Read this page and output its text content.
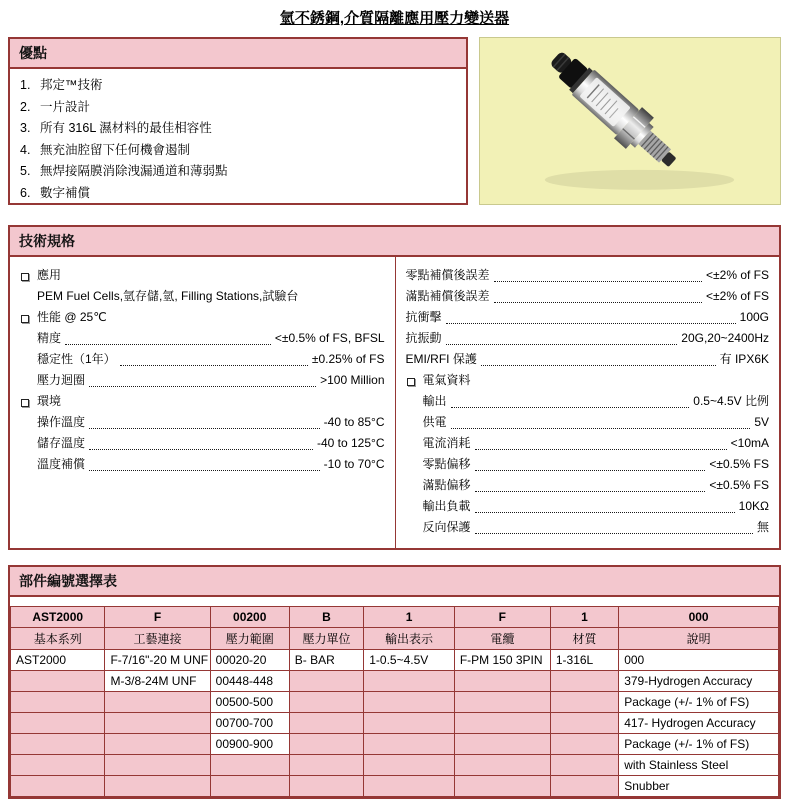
氫不銹鋼,介質隔離應用壓力變送器
優點
1. 邦定™技術
2. 一片設計
3. 所有 316L 濕材料的最佳相容性
4. 無充油腔留下任何機會遏制
5. 無焊接隔膜消除洩漏通道和薄弱點
6. 數字補償
技術規格
應用
PEM Fuel Cells,氫存儲,氫, Filling Stations,試驗台
性能 @ 25℃
精度	<±0.5% of FS, BFSL
穩定性（1年）	±0.25% of FS
壓力迴圈	>100 Million
環境
操作溫度	-40 to 85°C
儲存溫度	-40 to 125°C
溫度補償	-10 to 70°C
零點補償後誤差	<±2% of FS
滿點補償後誤差	<±2% of FS
抗衝擊	100G
抗振動	20G,20~2400Hz
EMI/RFI 保護	有 IPX6K
電氣資料
輸出	0.5~4.5V 比例
供電	5V
電流消耗	<10mA
零點偏移	<±0.5% FS
滿點偏移	<±0.5% FS
輸出負載	10KΩ
反向保護	無
部件編號選擇表
AST2000	F	00200	B	1	F	1	000
基本系列	工藝連接	壓力範圍	壓力單位	輸出表示	電纜	材質	說明
AST2000	F-7/16"-20 M UNF	00020-20	B- BAR	1-0.5~4.5V	F-PM 150 3PIN	1-316L	000
	M-3/8-24M UNF	00448-448					379-Hydrogen Accuracy
		00500-500					Package (+/- 1% of FS)
		00700-700					417- Hydrogen Accuracy
		00900-900					Package (+/- 1% of FS)
							with Stainless Steel
							Snubber
